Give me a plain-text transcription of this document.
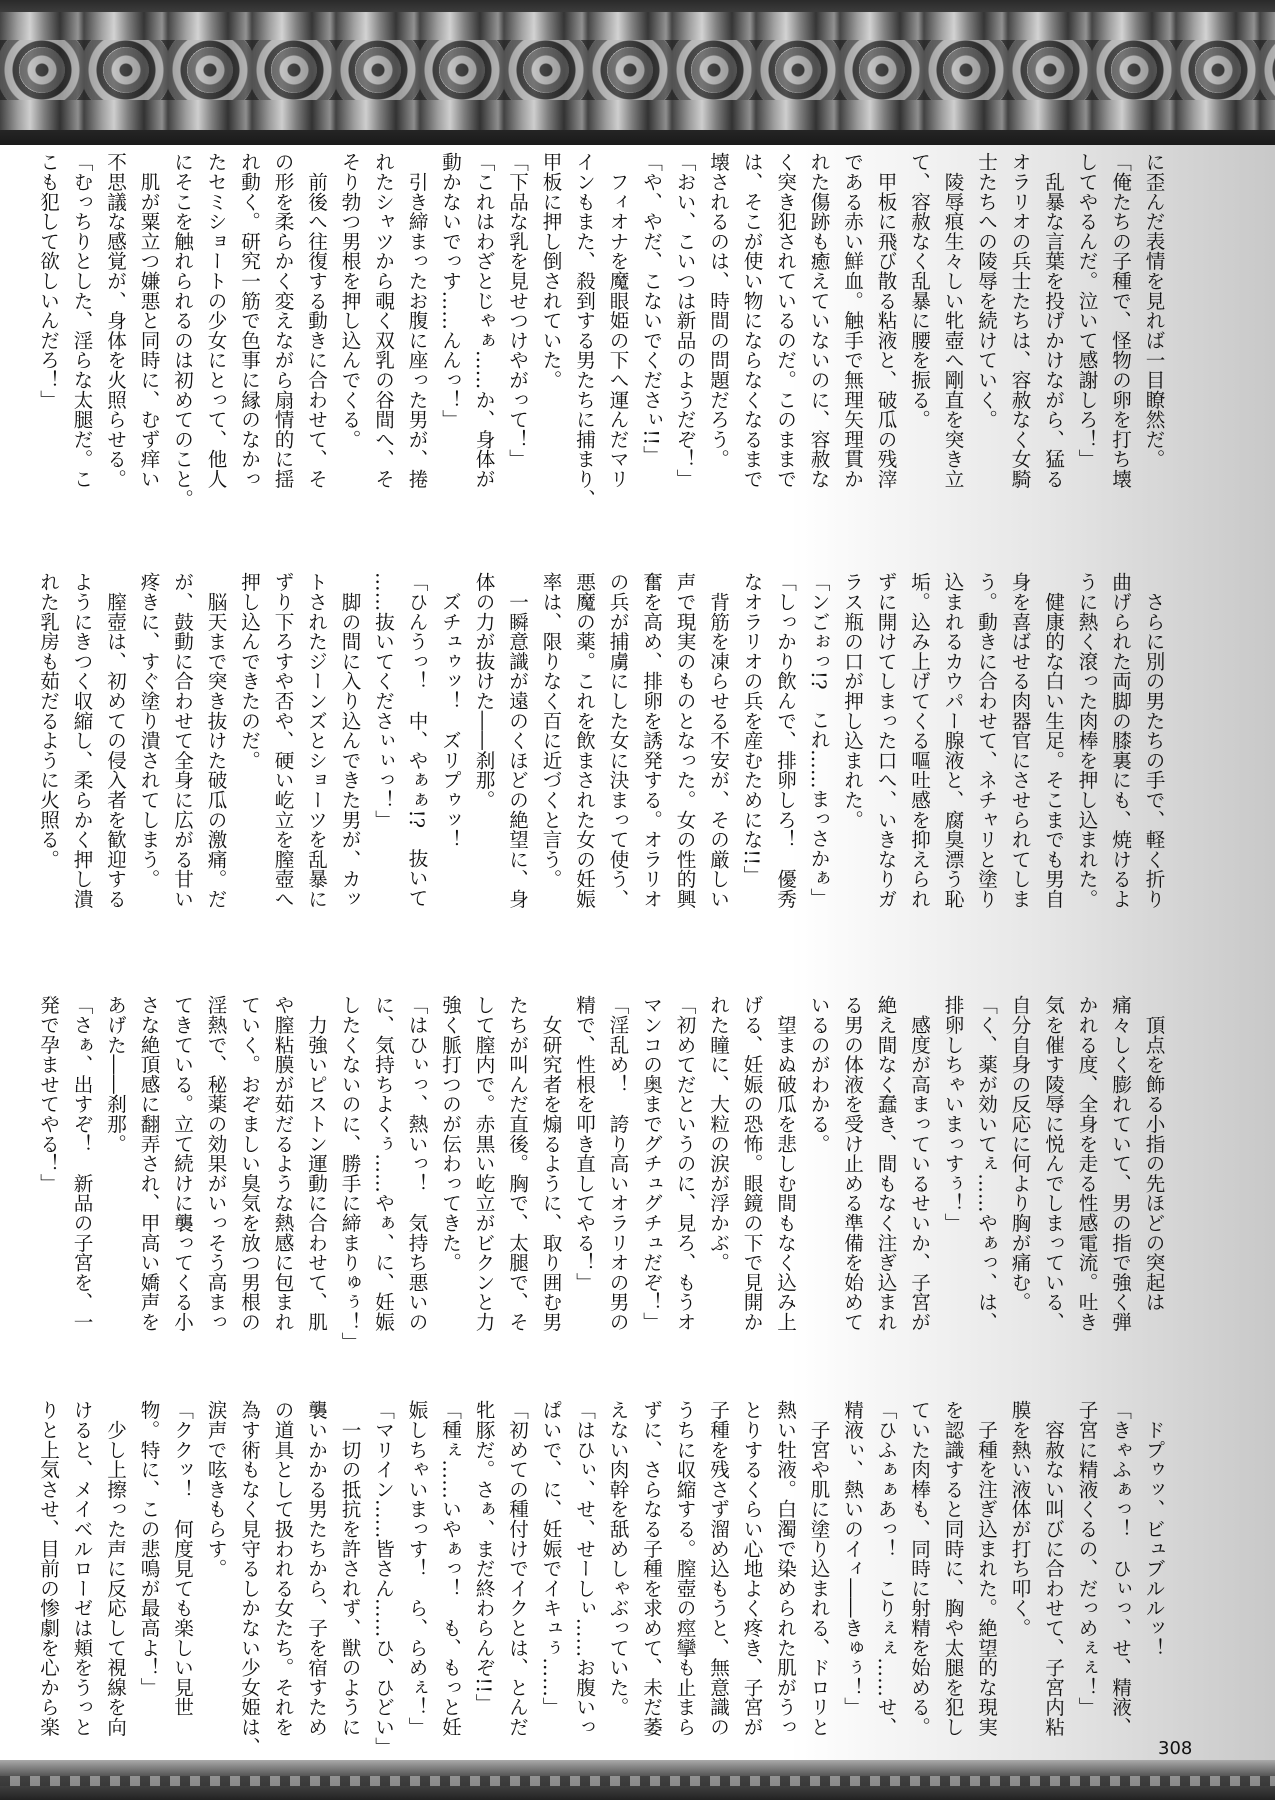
に歪んだ表情を見れば一目瞭然だ。

「俺たちの子種で、怪物の卵を打ち壊

してやるんだ。泣いて感謝しろ！」

　乱暴な言葉を投げかけながら、猛る

オラリオの兵士たちは、容赦なく女騎

士たちへの陵辱を続けていく。

　陵辱痕生々しい牝壺へ剛直を突き立

て、容赦なく乱暴に腰を振る。

　甲板に飛び散る粘液と、破瓜の残滓

である赤い鮮血。触手で無理矢理貫か

れた傷跡も癒えていないのに、容赦な

く突き犯されているのだ。このままで

は、そこが使い物にならなくなるまで

壊されるのは、時間の問題だろう。

「おい、こいつは新品のようだぞ！」

「や、やだ、こないでくださぃ!!」

　フィオナを魔眼姫の下へ運んだマリ

インもまた、殺到する男たちに捕まり、

甲板に押し倒されていた。

「下品な乳を見せつけやがって！」

「これはわざとじゃぁ……か、身体が

動かないでっす……んんっ！」

　引き締まったお腹に座った男が、捲

れたシャツから覗く双乳の谷間へ、そ

そり勃つ男根を押し込んでくる。

　前後へ往復する動きに合わせて、そ

の形を柔らかく変えながら扇情的に揺

れ動く。研究一筋で色事に縁のなかっ

たセミショートの少女にとって、他人

にそこを触れられるのは初めてのこと。

　肌が粟立つ嫌悪と同時に、むず痒い

不思議な感覚が、身体を火照らせる。

「むっちりとした、淫らな太腿だ。こ

こも犯して欲しいんだろ！」

　さらに別の男たちの手で、軽く折り

曲げられた両脚の膝裏にも、焼けるよ

うに熱く滾った肉棒を押し込まれた。

　健康的な白い生足。そこまでも男自

身を喜ばせる肉器官にさせられてしま

う。動きに合わせて、ネチャリと塗り

込まれるカウパー腺液と、腐臭漂う恥

垢。込み上げてくる嘔吐感を抑えられ

ずに開けてしまった口へ、いきなりガ

ラス瓶の口が押し込まれた。

「ンごぉっ!?　これ……まっさかぁ」

「しっかり飲んで、排卵しろ！　優秀

なオラリオの兵を産むためにな!!」

　背筋を凍らせる不安が、その厳しい

声で現実のものとなった。女の性的興

奮を高め、排卵を誘発する。オラリオ

の兵が捕虜にした女に決まって使う、

悪魔の薬。これを飲まされた女の妊娠

率は、限りなく百に近づくと言う。

　一瞬意識が遠のくほどの絶望に、身

体の力が抜けた――刹那。

　ズチュゥッ！　ズリプゥッ！

「ひんうっ！　中、やぁぁ!?　抜いて

……抜いてくださぃぃっ！」

　脚の間に入り込んできた男が、カッ

トされたジーンズとショーツを乱暴に

ずり下ろすや否や、硬い屹立を膣壺へ

押し込んできたのだ。

　脳天まで突き抜けた破瓜の激痛。だ

が、鼓動に合わせて全身に広がる甘い

疼きに、すぐ塗り潰されてしまう。

　膣壺は、初めての侵入者を歓迎する

ようにきつく収縮し、柔らかく押し潰

れた乳房も茹だるように火照る。

　頂点を飾る小指の先ほどの突起は

痛々しく膨れていて、男の指で強く弾

かれる度、全身を走る性感電流。吐き

気を催す陵辱に悦んでしまっている、

自分自身の反応に何より胸が痛む。

「く、薬が効いてぇ……やぁっ、は、

排卵しちゃいまっすぅ！」

　感度が高まっているせいか、子宮が

絶え間なく蠢き、間もなく注ぎ込まれ

る男の体液を受け止める準備を始めて

いるのがわかる。

　望まぬ破瓜を悲しむ間もなく込み上

げる、妊娠の恐怖。眼鏡の下で見開か

れた瞳に、大粒の涙が浮かぶ。

「初めてだというのに、見ろ、もうオ

マンコの奥までグチュグチュだぞ！」

「淫乱め！　誇り高いオラリオの男の

精で、性根を叩き直してやる！」

　女研究者を煽るように、取り囲む男

たちが叫んだ直後。胸で、太腿で、そ

して膣内で。赤黒い屹立がビクンと力

強く脈打つのが伝わってきた。

「はひぃっ、熱いっ！　気持ち悪いの

に、気持ちよくぅ……やぁ、に、妊娠

したくないのに、勝手に締まりゅぅ！」

　力強いピストン運動に合わせて、肌

や膣粘膜が茹だるような熱感に包まれ

ていく。おぞましい臭気を放つ男根の

淫熱で、秘薬の効果がいっそう高まっ

てきている。立て続けに襲ってくる小

さな絶頂感に翻弄され、甲高い嬌声を

あげた――刹那。

「さぁ、出すぞ！　新品の子宮を、一

発で孕ませてやる！」

　ドプゥッ、ビュブルルッ！

「きゃふぁっ！　ひぃっ、せ、精液、

子宮に精液くるの、だっめぇぇ！」

　容赦ない叫びに合わせて、子宮内粘

膜を熱い液体が打ち叩く。

　子種を注ぎ込まれた。絶望的な現実

を認識すると同時に、胸や太腿を犯し

ていた肉棒も、同時に射精を始める。

「ひふぁぁあっ！　こりぇぇ……せ、

精液ぃ、熱いのイィ――きゅぅ！」

　子宮や肌に塗り込まれる、ドロリと

熱い牡液。白濁で染められた肌がうっ

とりするくらい心地よく疼き、子宮が

子種を残さず溜め込もうと、無意識の

うちに収縮する。膣壺の痙攣も止まら

ずに、さらなる子種を求めて、未だ萎

えない肉幹を舐めしゃぶっていた。

「はひぃ、せ、せーしぃ……お腹いっ

ぱいで、に、妊娠でイキュぅ……」

「初めての種付けでイクとは、とんだ

牝豚だ。さぁ、まだ終わらんぞ!!」

「種ぇ……いやぁっ！　も、もっと妊

娠しちゃいまっす！　ら、らめぇ！」

「マリイン……皆さん……ひ、ひどい」

　一切の抵抗を許されず、獣のように

襲いかかる男たちから、子を宿すため

の道具として扱われる女たち。それを

為す術もなく見守るしかない少女姫は、

涙声で呟きもらす。

「ククッ！　何度見ても楽しい見世

物。特に、この悲鳴が最高よ！」

　少し上擦った声に反応して視線を向

けると、メイベルローゼは頬をうっと

りと上気させ、目前の惨劇を心から楽

308
